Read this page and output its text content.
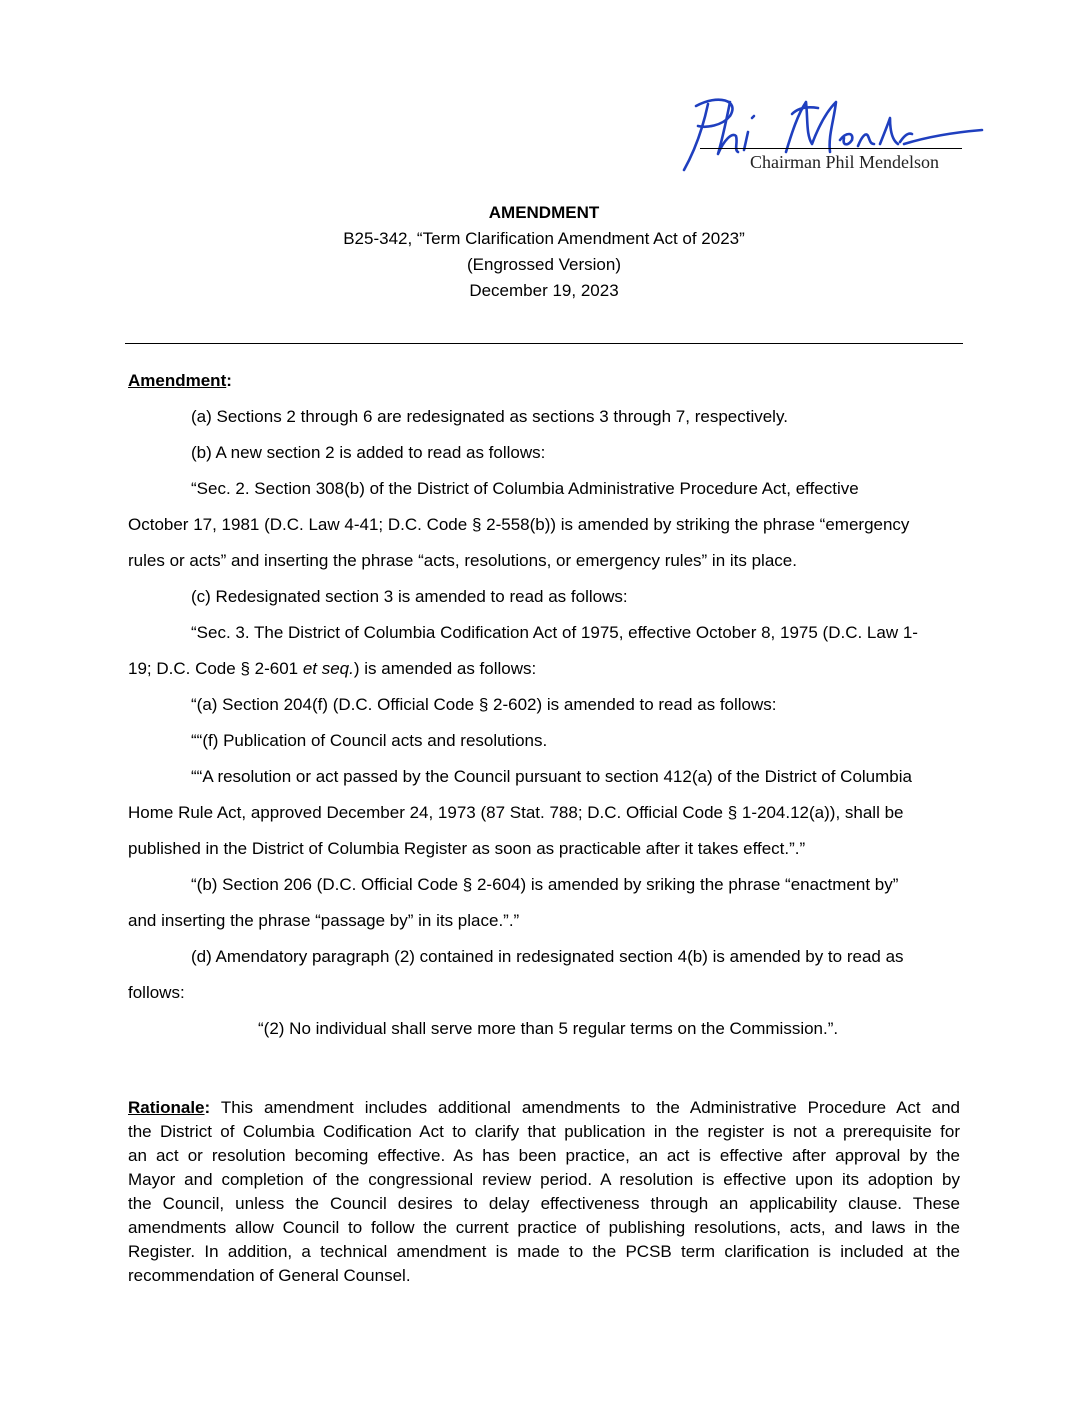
Chairman Phil Mendelson
AMENDMENT
B25-342, “Term Clarification Amendment Act of 2023”
(Engrossed Version)
December 19, 2023
Amendment:
(a) Sections 2 through 6 are redesignated as sections 3 through 7, respectively.
(b) A new section 2 is added to read as follows:
“Sec. 2. Section 308(b) of the District of Columbia Administrative Procedure Act, effective
October 17, 1981 (D.C. Law 4-41; D.C. Code § 2-558(b)) is amended by striking the phrase “emergency
rules or acts” and inserting the phrase “acts, resolutions, or emergency rules” in its place.
(c) Redesignated section 3 is amended to read as follows:
“Sec. 3. The District of Columbia Codification Act of 1975, effective October 8, 1975 (D.C. Law 1-
19; D.C. Code § 2-601 et seq.) is amended as follows:
“(a) Section 204(f) (D.C. Official Code § 2-602) is amended to read as follows:
““(f) Publication of Council acts and resolutions.
““A resolution or act passed by the Council pursuant to section 412(a) of the District of Columbia
Home Rule Act, approved December 24, 1973 (87 Stat. 788; D.C. Official Code § 1-204.12(a)), shall be
published in the District of Columbia Register as soon as practicable after it takes effect.”.”
“(b) Section 206 (D.C. Official Code § 2-604) is amended by sriking the phrase “enactment by”
and inserting the phrase “passage by” in its place.”.”
(d) Amendatory paragraph (2) contained in redesignated section 4(b) is amended by to read as
follows:
“(2) No individual shall serve more than 5 regular terms on the Commission.”.
Rationale: This amendment includes additional amendments to the Administrative Procedure Act and
the District of Columbia Codification Act to clarify that publication in the register is not a prerequisite for
an act or resolution becoming effective. As has been practice, an act is effective after approval by the
Mayor and completion of the congressional review period. A resolution is effective upon its adoption by
the Council, unless the Council desires to delay effectiveness through an applicability clause. These
amendments allow Council to follow the current practice of publishing resolutions, acts, and laws in the
Register. In addition, a technical amendment is made to the PCSB term clarification is included at the
recommendation of General Counsel.
